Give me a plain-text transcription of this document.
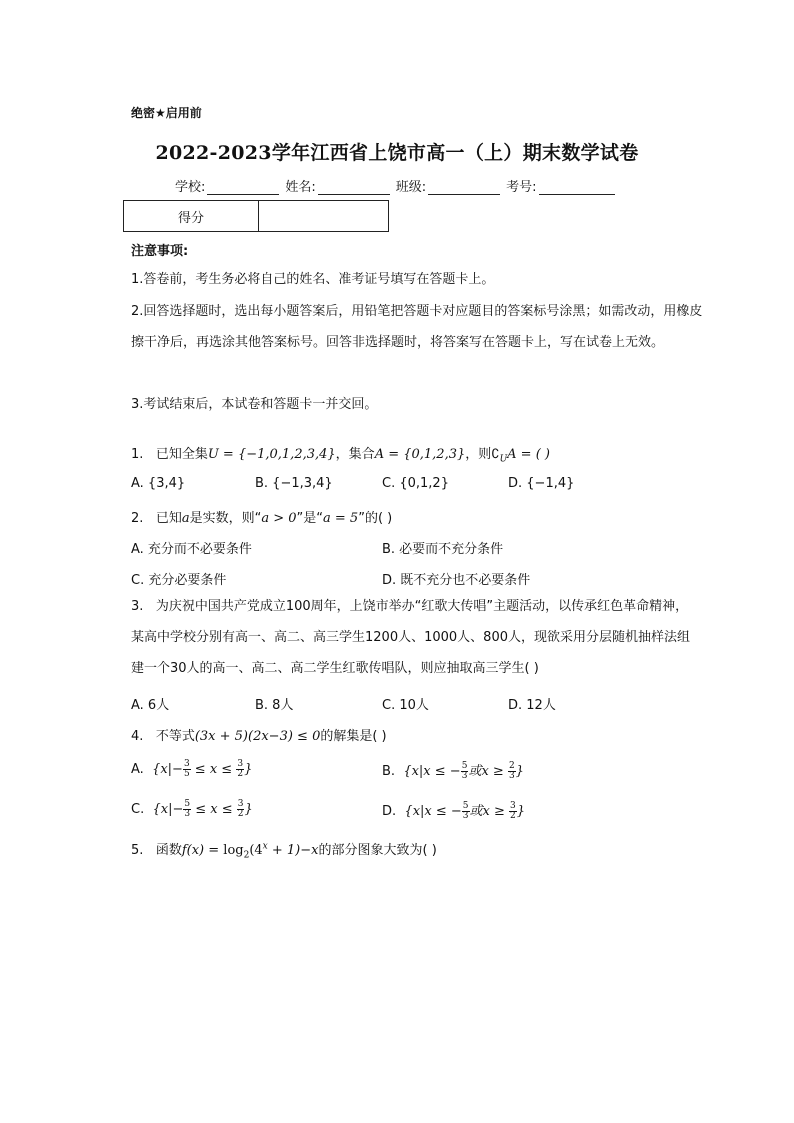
绝密★启用前
2022-2023学年江西省上饶市高一（上）期末数学试卷
学校:	姓名:	班级:	考号:
得分
注意事项:
1.答卷前，考生务必将自己的姓名、准考证号填写在答题卡上。
2.回答选择题时，选出每小题答案后，用铅笔把答题卡对应题目的答案标号涂黑；如需改动，用橡皮擦干净后，再选涂其他答案标号。回答非选择题时，将答案写在答题卡上，写在试卷上无效。
3.考试结束后，本试卷和答题卡一并交回。
1. 已知全集U = {−1,0,1,2,3,4}，集合A = {0,1,2,3}，则$∁_UA$ = ( )
A. {3,4}	B. {−1,3,4}	C. {0,1,2}	D. {−1,4}
2. 已知a是实数，则“a > 0”是“a = 5”的( )
A. 充分而不必要条件	B. 必要而不充分条件
C. 充分必要条件	D. 既不充分也不必要条件
3. 为庆祝中国共产党成立100周年，上饶市举办“红歌大传唱”主题活动，以传承红色革命精神，某高中学校分别有高一、高二、高三学生1200人、1000人、800人，现欲采用分层随机抽样法组建一个30人的高一、高二、高二学生红歌传唱队，则应抽取高三学生( )
A. 6人	B. 8人	C. 10人	D. 12人
4. 不等式(3x + 5)(2x−3) ≤ 0的解集是( )
A. {$x|- \frac{3}{5} \le x \le \frac{3}{2}$ }	B. {x|x ≤ − $\frac{5}{3}$ 或$x \ge \frac{2}{3}$ }
C. {$x|- \frac{5}{3} \le x \le \frac{3}{2}$ }	D. {x|x ≤ − $\frac{5}{3}$ 或$x \ge \frac{3}{2}$ }
5. 函数$f(x) = \log_2(4^x + 1)-x$的部分图象大致为( )
